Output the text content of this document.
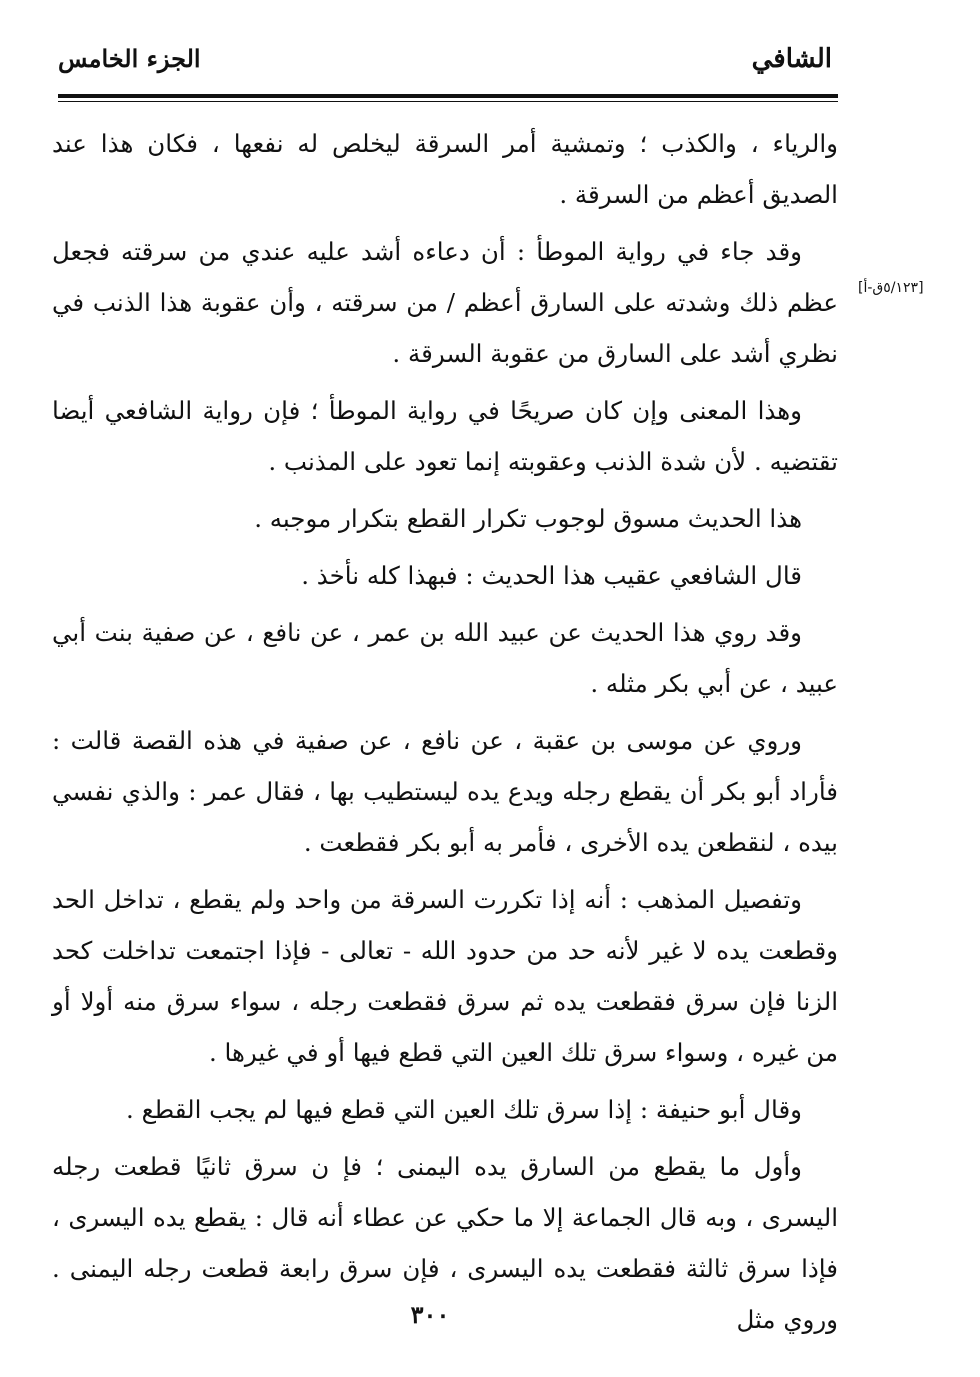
الشافي
الجزء الخامس
[٥/١٢٣ق-أ]

والرياء ، والكذب ؛ وتمشية أمر السرقة ليخلص له نفعها ، فكان هذا عند الصديق أعظم من السرقة .

وقد جاء في رواية الموطأ : أن دعاءه أشد عليه عندي من سرقته فجعل عظم ذلك وشدته على السارق أعظم / من سرقته ، وأن عقوبة هذا الذنب في نظري أشد على السارق من عقوبة السرقة .

وهذا المعنى وإن كان صريحًا في رواية الموطأ ؛ فإن رواية الشافعي أيضا تقتضيه . لأن شدة الذنب وعقوبته إنما تعود على المذنب .

هذا الحديث مسوق لوجوب تكرار القطع بتكرار موجبه .

قال الشافعي عقيب هذا الحديث : فبهذا كله نأخذ .

وقد روي هذا الحديث عن عبيد الله بن عمر ، عن نافع ، عن صفية بنت أبي عبيد ، عن أبي بكر مثله .

وروي عن موسى بن عقبة ، عن نافع ، عن صفية في هذه القصة قالت : فأراد أبو بكر أن يقطع رجله ويدع يده ليستطيب بها ، فقال عمر : والذي نفسي بيده ، لنقطعن يده الأخرى ، فأمر به أبو بكر فقطعت .

وتفصيل المذهب : أنه إذا تكررت السرقة من واحد ولم يقطع ، تداخل الحد وقطعت يده لا غير لأنه حد من حدود الله - تعالى - فإذا اجتمعت تداخلت كحد الزنا فإن سرق فقطعت يده ثم سرق فقطعت رجله ، سواء سرق منه أولا أو من غيره ، وسواء سرق تلك العين التي قطع فيها أو في غيرها .

وقال أبو حنيفة : إذا سرق تلك العين التي قطع فيها لم يجب القطع .

وأول ما يقطع من السارق يده اليمنى ؛ فإ ن سرق ثانيًا قطعت رجله اليسرى ، وبه قال الجماعة إلا ما حكي عن عطاء أنه قال : يقطع يده اليسرى ، فإذا سرق ثالثة فقطعت يده اليسرى ، فإن سرق رابعة قطعت رجله اليمنى . وروي مثل

٣٠٠
